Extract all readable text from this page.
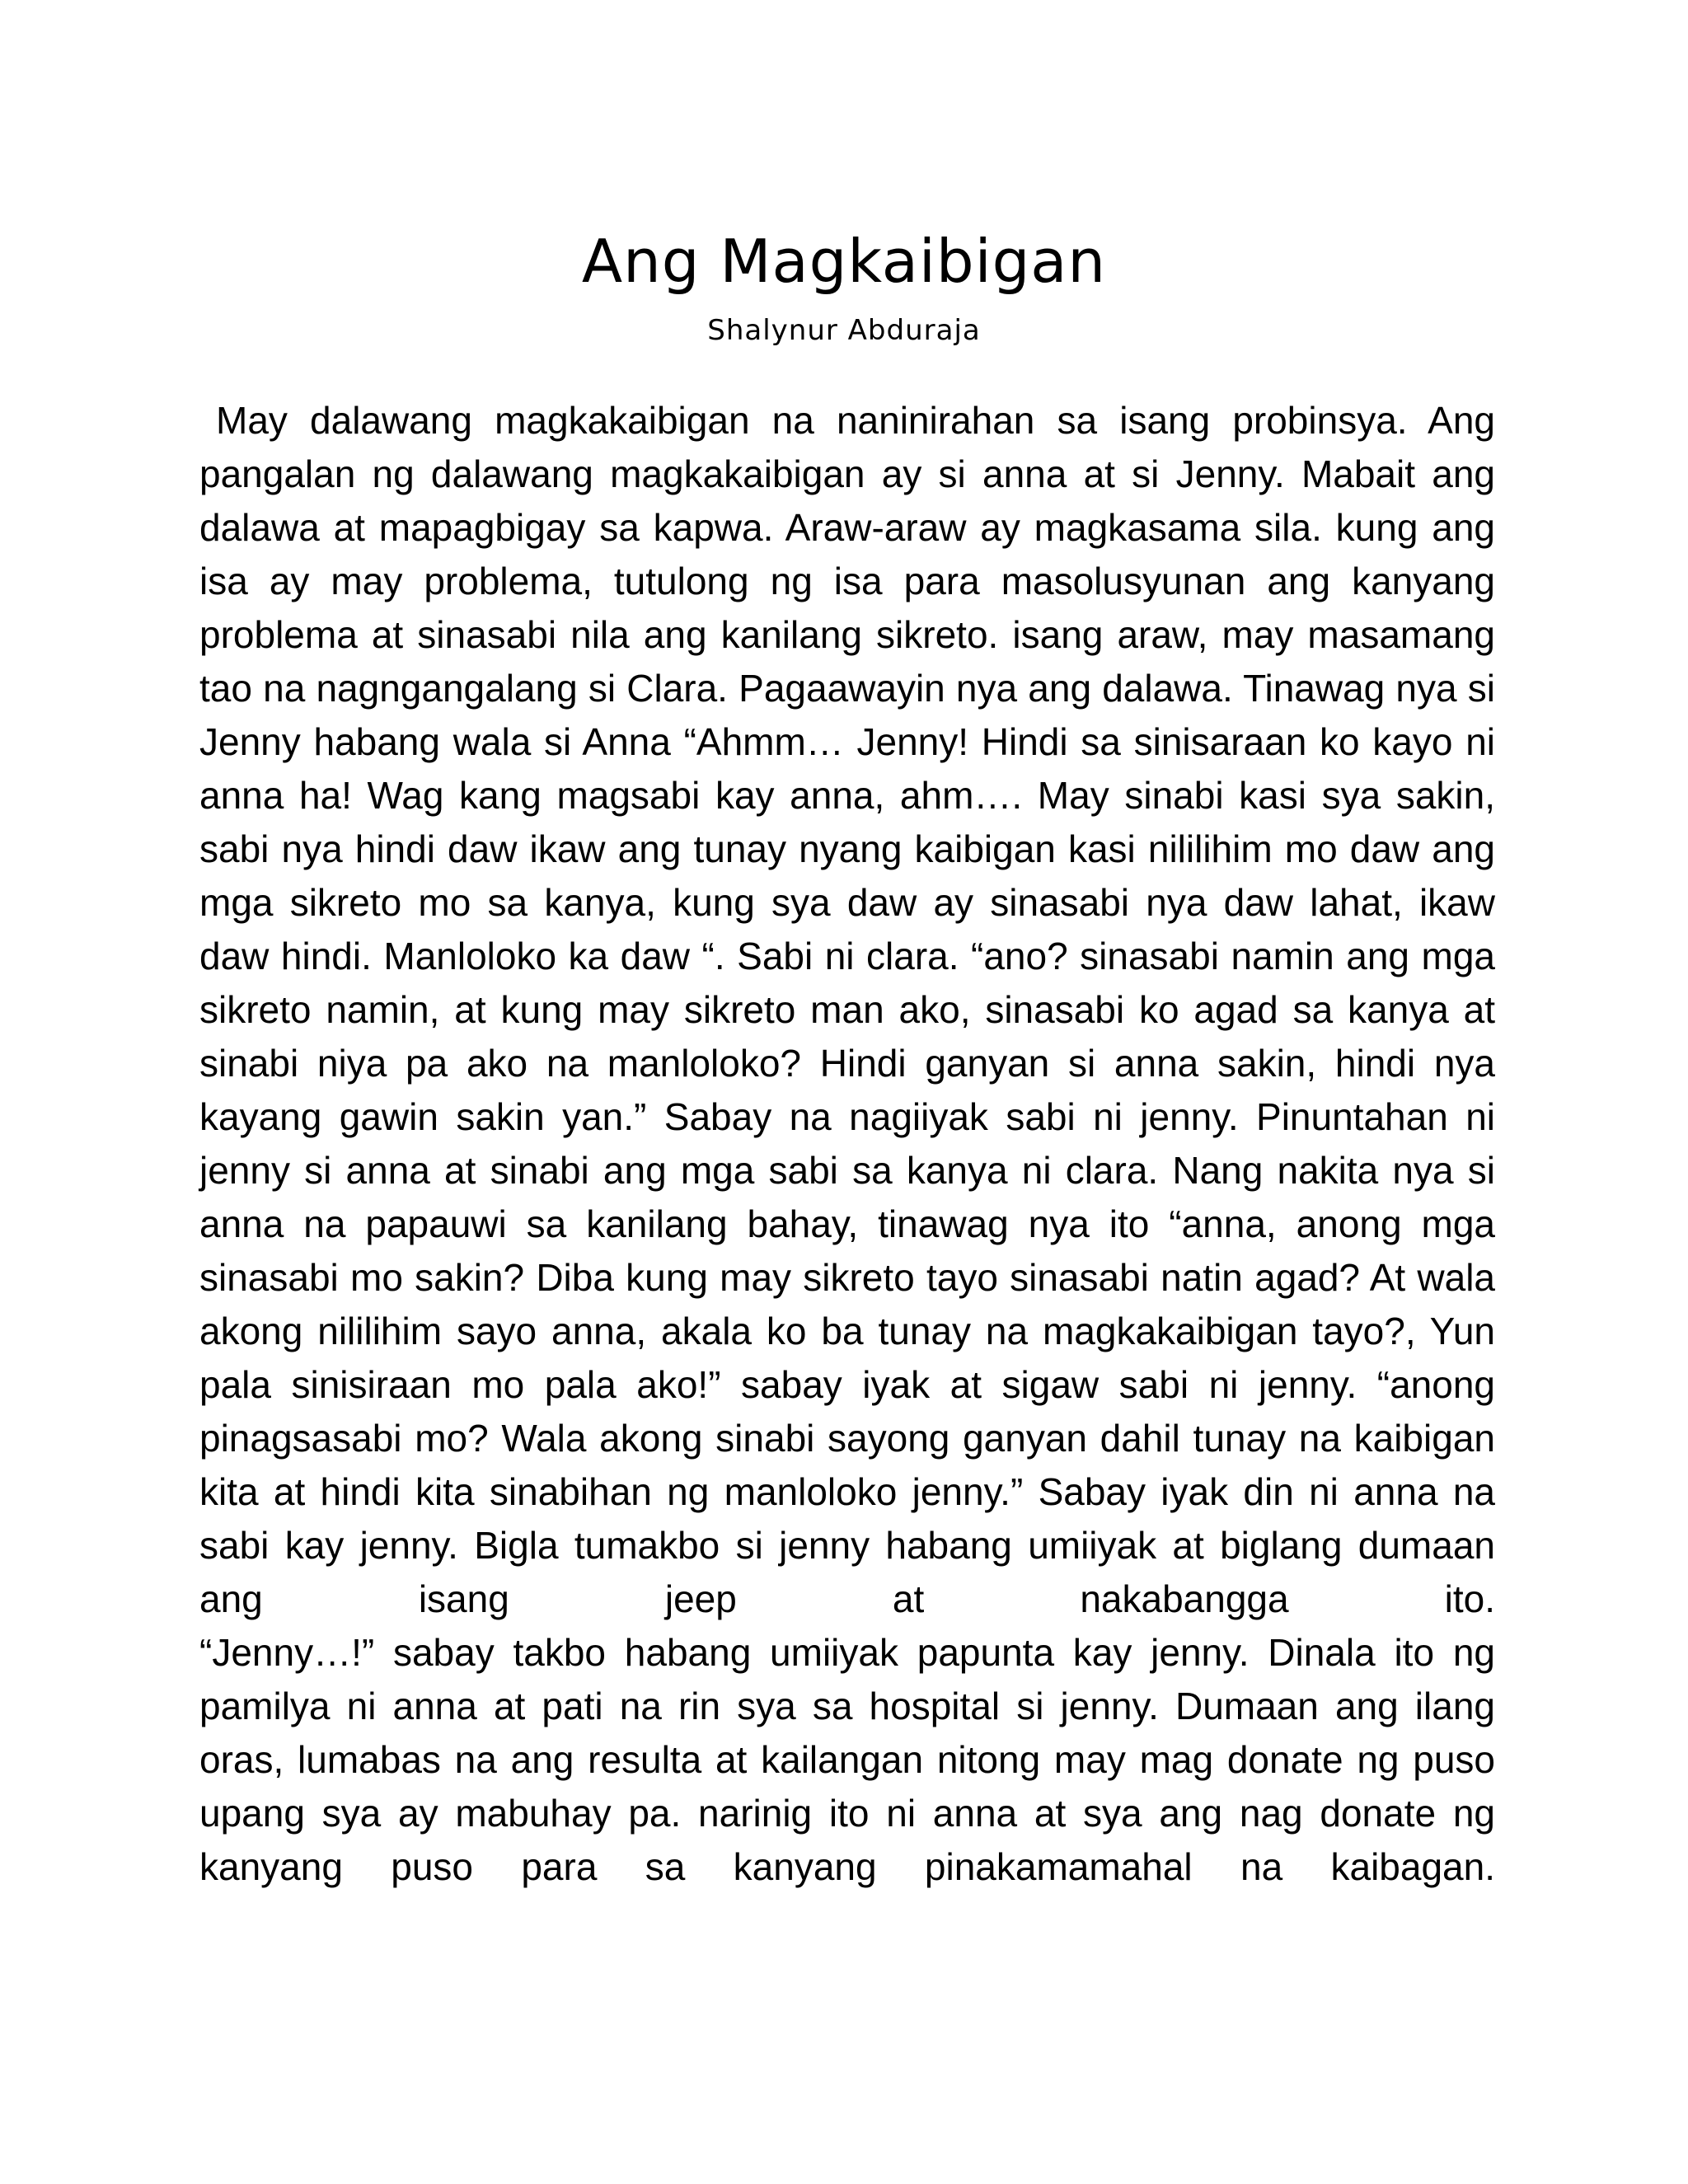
Ang Magkaibigan

Shalynur Abduraja

May dalawang magkakaibigan na naninirahan sa isang probinsya. Ang pangalan ng dalawang magkakaibigan ay si anna at si Jenny. Mabait ang dalawa at mapagbigay sa kapwa. Araw-araw ay magkasama sila. kung ang isa ay may problema, tutulong ng isa para masolusyunan ang kanyang problema at sinasabi nila ang kanilang sikreto. isang araw, may masamang tao na nagngangalang si Clara. Pagaawayin nya ang dalawa. Tinawag nya si Jenny habang wala si Anna “Ahmm… Jenny! Hindi sa sinisaraan ko kayo ni anna ha! Wag kang magsabi kay anna, ahm…. May sinabi kasi sya sakin, sabi nya hindi daw ikaw ang tunay nyang kaibigan kasi nililihim mo daw ang mga sikreto mo sa kanya, kung sya daw ay sinasabi nya daw lahat, ikaw daw hindi. Manloloko ka daw “. Sabi ni clara. “ano? sinasabi namin ang mga sikreto namin, at kung may sikreto man ako, sinasabi ko agad sa kanya at sinabi niya pa ako na manloloko? Hindi ganyan si anna sakin, hindi nya kayang gawin sakin yan.” Sabay na nagiiyak sabi ni jenny. Pinuntahan ni jenny si anna at sinabi ang mga sabi sa kanya ni clara. Nang nakita nya si anna na papauwi sa kanilang bahay, tinawag nya ito “anna, anong mga sinasabi mo sakin? Diba kung may sikreto tayo sinasabi natin agad? At wala akong nililihim sayo anna, akala ko ba tunay na magkakaibigan tayo?, Yun pala sinisiraan mo pala ako!” sabay iyak at sigaw sabi ni jenny. “anong pinagsasabi mo? Wala akong sinabi sayong ganyan dahil tunay na kaibigan kita at hindi kita sinabihan ng manloloko jenny.” Sabay iyak din ni anna na sabi kay jenny. Bigla tumakbo si jenny habang umiiyak at biglang dumaan ang isang jeep at nakabangga ito.

“Jenny…!” sabay takbo habang umiiyak papunta kay jenny. Dinala ito ng pamilya ni anna at pati na rin sya sa hospital si jenny. Dumaan ang ilang oras, lumabas na ang resulta at kailangan nitong may mag donate ng puso upang sya ay mabuhay pa. narinig ito ni anna at sya ang nag donate ng kanyang puso para sa kanyang pinakamamahal na kaibagan.
